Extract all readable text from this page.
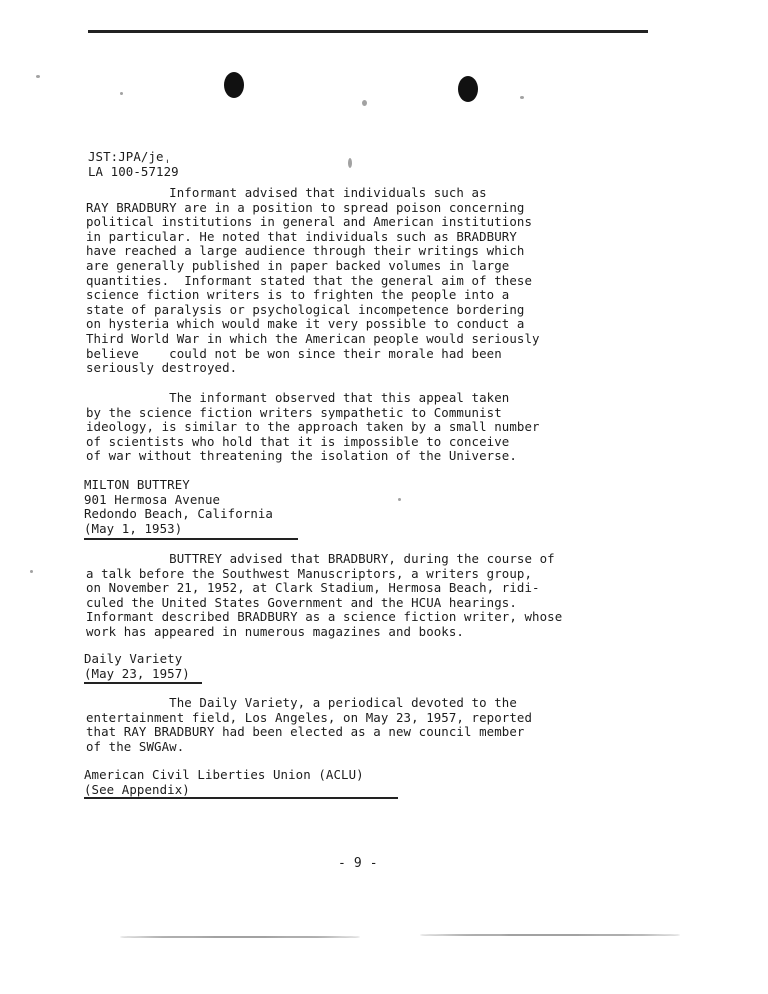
JST:JPA/jeˌ
LA 100-57129
Informant advised that individuals such as
RAY BRADBURY are in a position to spread poison concerning
political institutions in general and American institutions
in particular. He noted that individuals such as BRADBURY
have reached a large audience through their writings which
are generally published in paper backed volumes in large
quantities.  Informant stated that the general aim of these
science fiction writers is to frighten the people into a
state of paralysis or psychological incompetence bordering
on hysteria which would make it very possible to conduct a
Third World War in which the American people would seriously
believe    could not be won since their morale had been
seriously destroyed.
The informant observed that this appeal taken
by the science fiction writers sympathetic to Communist
ideology, is similar to the approach taken by a small number
of scientists who hold that it is impossible to conceive
of war without threatening the isolation of the Universe.
MILTON BUTTREY
901 Hermosa Avenue
Redondo Beach, California
(May 1, 1953)
BUTTREY advised that BRADBURY, during the course of
a talk before the Southwest Manuscriptors, a writers group,
on November 21, 1952, at Clark Stadium, Hermosa Beach, ridi-
culed the United States Government and the HCUA hearings.
Informant described BRADBURY as a science fiction writer, whose
work has appeared in numerous magazines and books.
Daily Variety
(May 23, 1957)
The Daily Variety, a periodical devoted to the
entertainment field, Los Angeles, on May 23, 1957, reported
that RAY BRADBURY had been elected as a new council member
of the SWGAw.
American Civil Liberties Union (ACLU)
(See Appendix)
- 9 -
